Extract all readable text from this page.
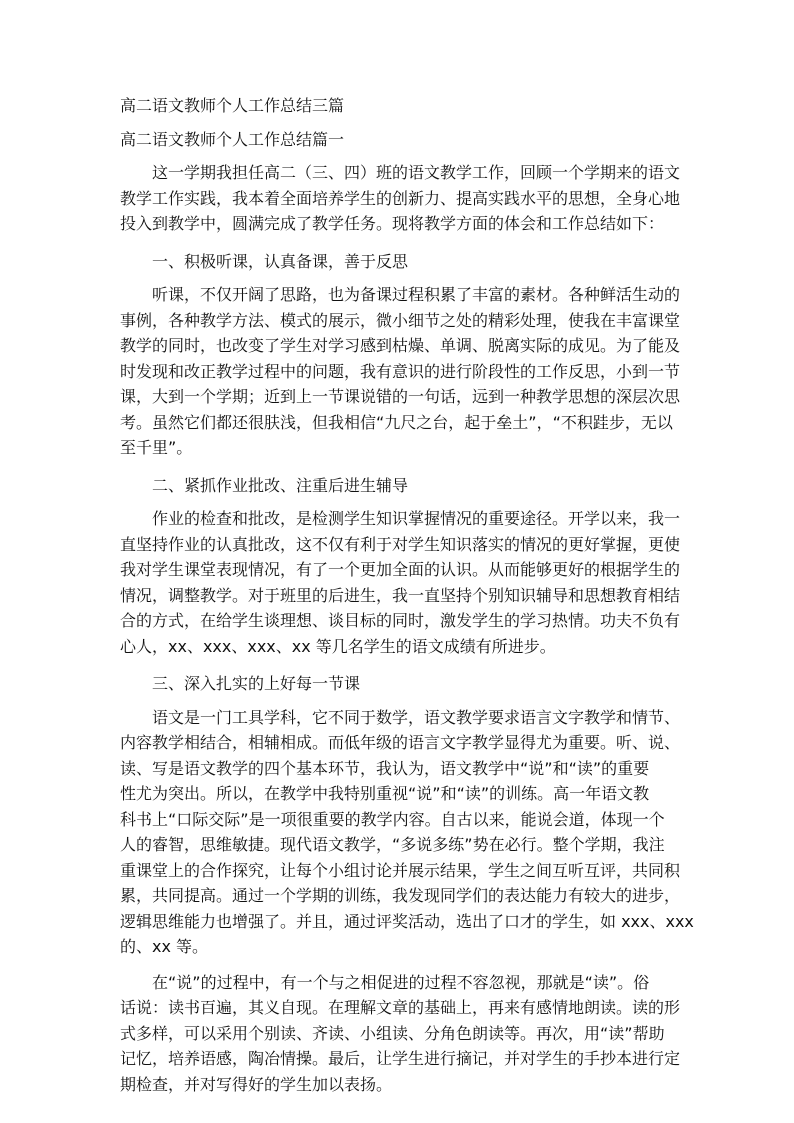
高二语文教师个人工作总结三篇
高二语文教师个人工作总结篇一
这一学期我担任高二（三、四）班的语文教学工作，回顾一个学期来的语文
教学工作实践，我本着全面培养学生的创新力、提高实践水平的思想，全身心地
投入到教学中，圆满完成了教学任务。现将教学方面的体会和工作总结如下：
一、积极听课，认真备课，善于反思
听课，不仅开阔了思路，也为备课过程积累了丰富的素材。各种鲜活生动的
事例，各种教学方法、模式的展示，微小细节之处的精彩处理，使我在丰富课堂
教学的同时，也改变了学生对学习感到枯燥、单调、脱离实际的成见。为了能及
时发现和改正教学过程中的问题，我有意识的进行阶段性的工作反思，小到一节
课，大到一个学期；近到上一节课说错的一句话，远到一种教学思想的深层次思
考。虽然它们都还很肤浅，但我相信“九尺之台，起于垒土”，“不积跬步，无以
至千里”。
二、紧抓作业批改、注重后进生辅导
作业的检查和批改，是检测学生知识掌握情况的重要途径。开学以来，我一
直坚持作业的认真批改，这不仅有利于对学生知识落实的情况的更好掌握，更使
我对学生课堂表现情况，有了一个更加全面的认识。从而能够更好的根据学生的
情况，调整教学。对于班里的后进生，我一直坚持个别知识辅导和思想教育相结
合的方式，在给学生谈理想、谈目标的同时，激发学生的学习热情。功夫不负有
心人，xx、xxx、xxx、xx 等几名学生的语文成绩有所进步。
三、深入扎实的上好每一节课
语文是一门工具学科，它不同于数学，语文教学要求语言文字教学和情节、
内容教学相结合，相辅相成。而低年级的语言文字教学显得尤为重要。听、说、
读、写是语文教学的四个基本环节，我认为，语文教学中“说”和“读”的重要
性尤为突出。所以，在教学中我特别重视“说”和“读”的训练。高一年语文教
科书上“口际交际”是一项很重要的教学内容。自古以来，能说会道，体现一个
人的睿智，思维敏捷。现代语文教学，“多说多练”势在必行。整个学期，我注
重课堂上的合作探究，让每个小组讨论并展示结果，学生之间互听互评，共同积
累，共同提高。通过一个学期的训练，我发现同学们的表达能力有较大的进步，
逻辑思维能力也增强了。并且，通过评奖活动，选出了口才的学生，如 xxx、xxx
的、xx 等。
在“说”的过程中，有一个与之相促进的过程不容忽视，那就是“读”。俗
话说：读书百遍，其义自现。在理解文章的基础上，再来有感情地朗读。读的形
式多样，可以采用个别读、齐读、小组读、分角色朗读等。再次，用“读”帮助
记忆，培养语感，陶冶情操。最后，让学生进行摘记，并对学生的手抄本进行定
期检查，并对写得好的学生加以表扬。
